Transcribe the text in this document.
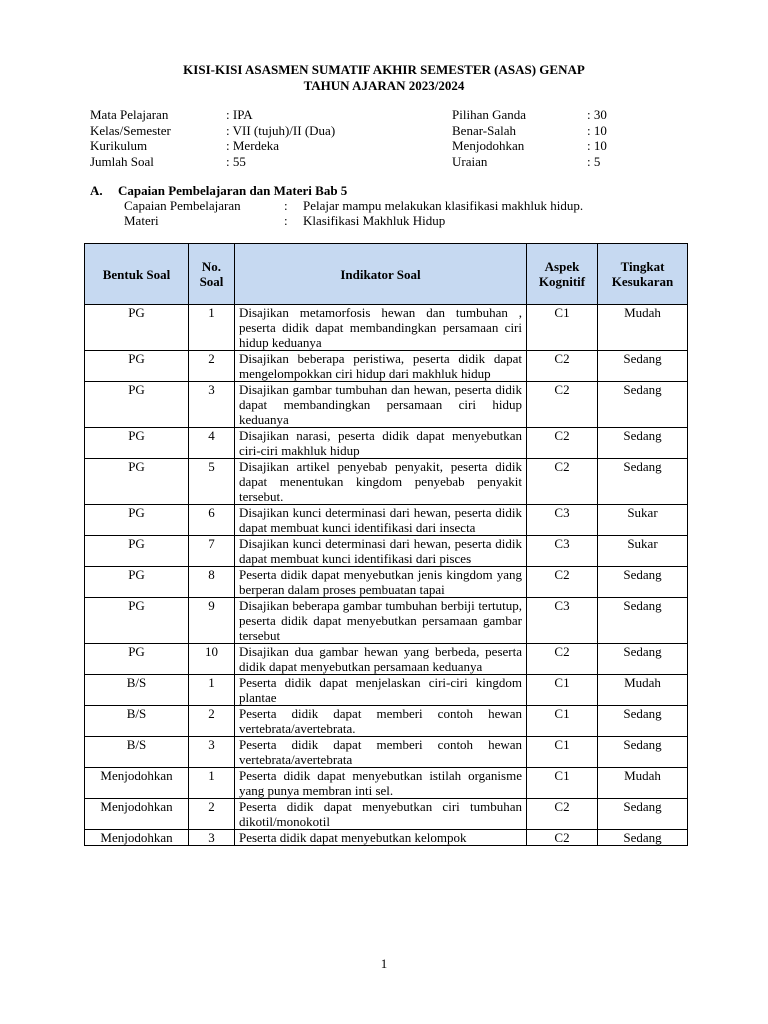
KISI-KISI ASASMEN SUMATIF AKHIR SEMESTER (ASAS) GENAP
TAHUN AJARAN 2023/2024
Mata Pelajaran	: IPA	Pilihan Ganda	: 30
Kelas/Semester	: VII (tujuh)/II (Dua)	Benar-Salah	: 10
Kurikulum	: Merdeka	Menjodohkan	: 10
Jumlah Soal	: 55	Uraian	: 5
A. Capaian Pembelajaran dan Materi Bab 5
Capaian Pembelajaran	: Pelajar mampu melakukan klasifikasi makhluk hidup.
Materi	: Klasifikasi Makhluk Hidup
Bentuk Soal	No. Soal	Indikator Soal	Aspek Kognitif	Tingkat Kesukaran
PG	1	Disajikan metamorfosis hewan dan tumbuhan , peserta didik dapat membandingkan persamaan ciri hidup keduanya	C1	Mudah
PG	2	Disajikan beberapa peristiwa, peserta didik dapat mengelompokkan ciri hidup dari makhluk hidup	C2	Sedang
PG	3	Disajikan gambar tumbuhan dan hewan, peserta didik dapat membandingkan persamaan ciri hidup keduanya	C2	Sedang
PG	4	Disajikan narasi, peserta didik dapat menyebutkan ciri-ciri makhluk hidup	C2	Sedang
PG	5	Disajikan artikel penyebab penyakit, peserta didik dapat menentukan kingdom penyebab penyakit tersebut.	C2	Sedang
PG	6	Disajikan kunci determinasi dari hewan, peserta didik dapat membuat kunci identifikasi dari insecta	C3	Sukar
PG	7	Disajikan kunci determinasi dari hewan, peserta didik dapat membuat kunci identifikasi dari pisces	C3	Sukar
PG	8	Peserta didik dapat menyebutkan jenis kingdom yang berperan dalam proses pembuatan tapai	C2	Sedang
PG	9	Disajikan beberapa gambar tumbuhan berbiji tertutup, peserta didik dapat menyebutkan persamaan gambar tersebut	C3	Sedang
PG	10	Disajikan dua gambar hewan yang berbeda, peserta didik dapat menyebutkan persamaan keduanya	C2	Sedang
B/S	1	Peserta didik dapat menjelaskan ciri-ciri kingdom plantae	C1	Mudah
B/S	2	Peserta didik dapat memberi contoh hewan vertebrata/avertebrata.	C1	Sedang
B/S	3	Peserta didik dapat memberi contoh hewan vertebrata/avertebrata	C1	Sedang
Menjodohkan	1	Peserta didik dapat menyebutkan istilah organisme yang punya membran inti sel.	C1	Mudah
Menjodohkan	2	Peserta didik dapat menyebutkan ciri tumbuhan dikotil/monokotil	C2	Sedang
Menjodohkan	3	Peserta didik dapat menyebutkan kelompok	C2	Sedang
1
